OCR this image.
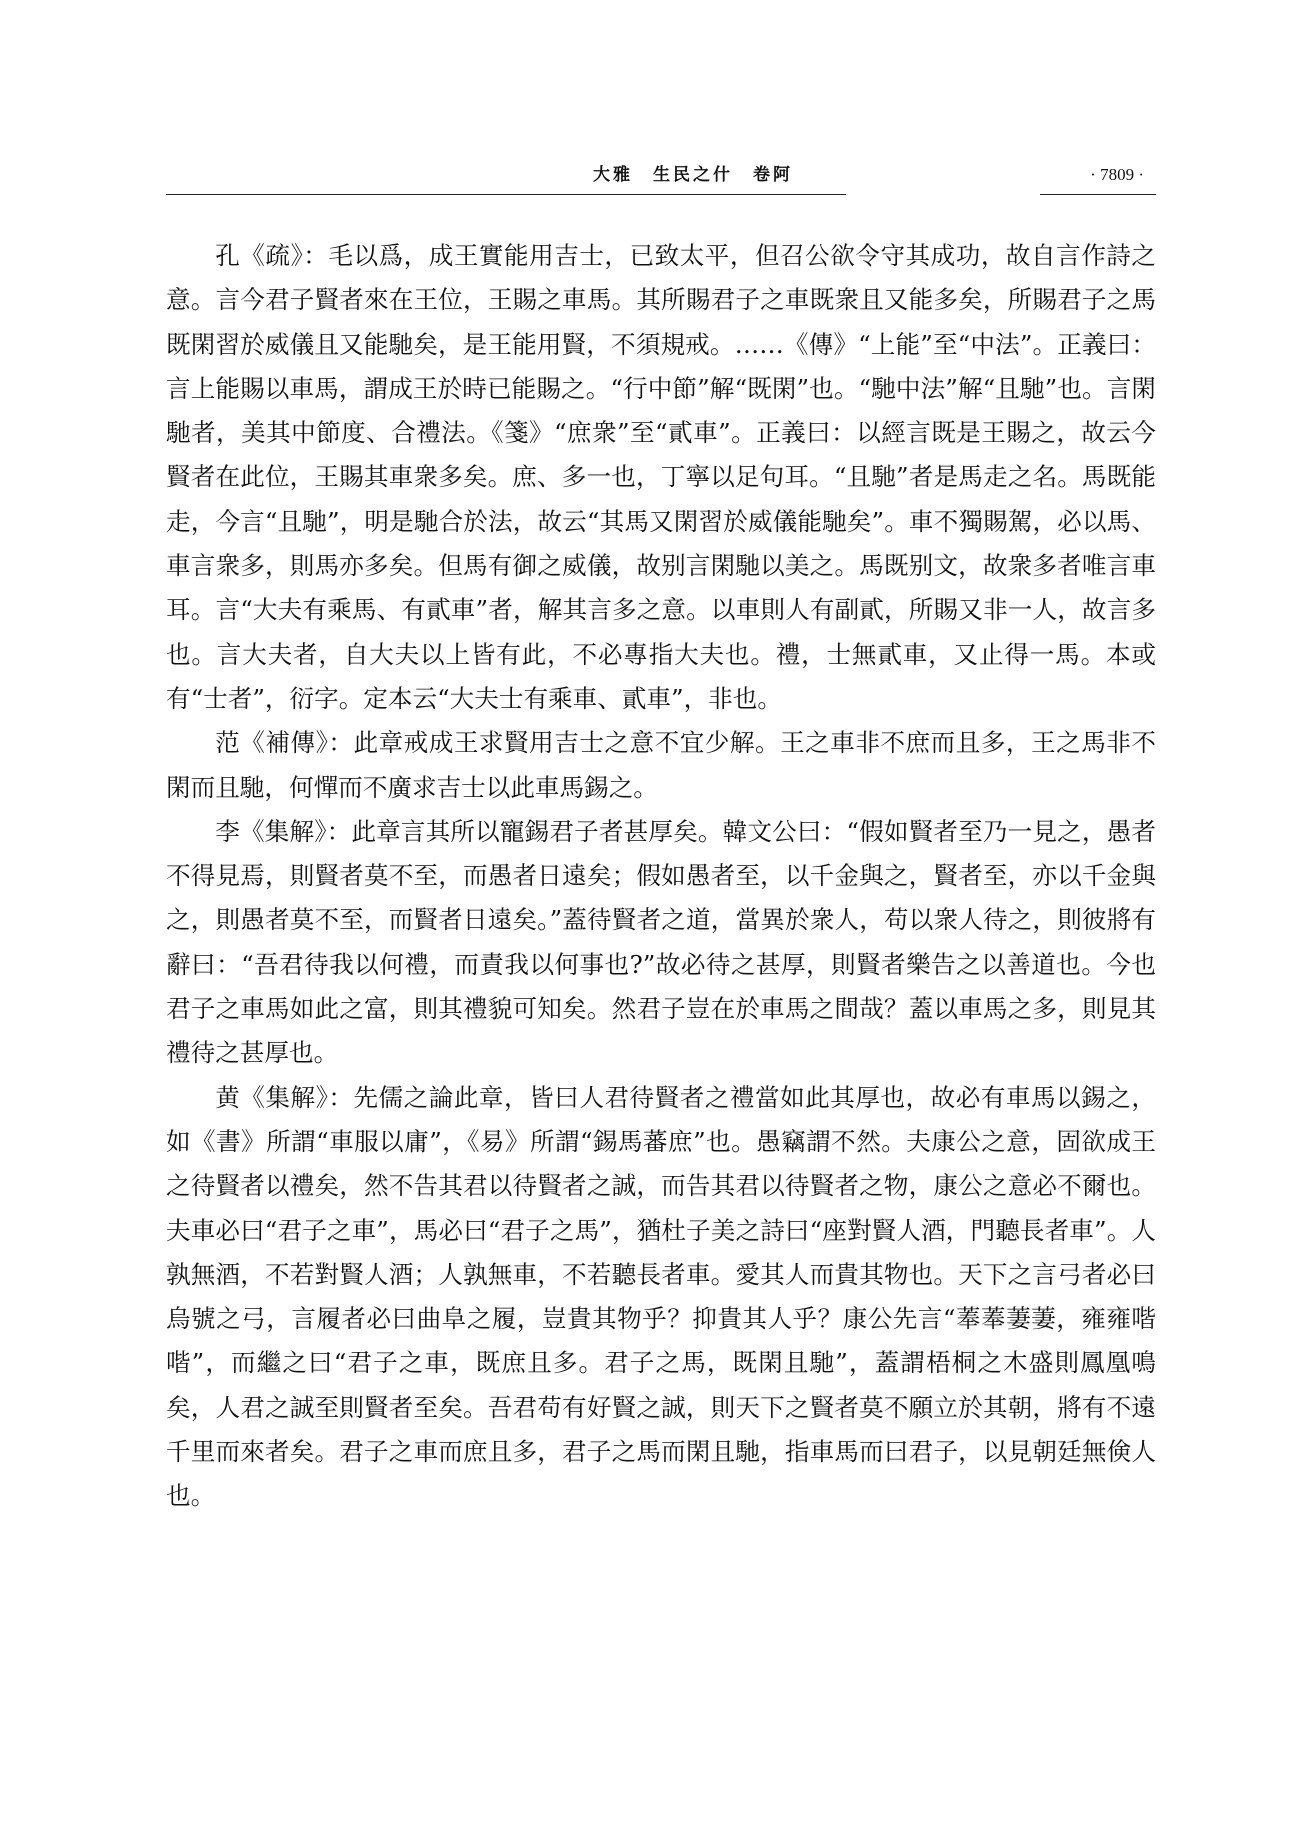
大雅　生民之什　卷阿	· 7809 ·

孔《疏》：毛以爲，成王實能用吉士，已致太平，但召公欲令守其成功，故自言作詩之意。言今君子賢者來在王位，王賜之車馬。其所賜君子之車既衆且又能多矣，所賜君子之馬既閑習於威儀且又能馳矣，是王能用賢，不須規戒。……《傳》“上能”至“中法”。正義曰：言上能賜以車馬，謂成王於時已能賜之。“行中節”解“既閑”也。“馳中法”解“且馳”也。言閑馳者，美其中節度、合禮法。《箋》“庶衆”至“貳車”。正義曰：以經言既是王賜之，故云今賢者在此位，王賜其車衆多矣。庶、多一也，丁寧以足句耳。“且馳”者是馬走之名。馬既能走，今言“且馳”，明是馳合於法，故云“其馬又閑習於威儀能馳矣”。車不獨賜駕，必以馬、車言衆多，則馬亦多矣。但馬有御之威儀，故别言閑馳以美之。馬既别文，故衆多者唯言車耳。言“大夫有乘馬、有貳車”者，解其言多之意。以車則人有副貳，所賜又非一人，故言多也。言大夫者，自大夫以上皆有此，不必專指大夫也。禮，士無貳車，又止得一馬。本或有“士者”，衍字。定本云“大夫士有乘車、貳車”，非也。

范《補傳》：此章戒成王求賢用吉士之意不宜少解。王之車非不庶而且多，王之馬非不閑而且馳，何憚而不廣求吉士以此車馬錫之。

李《集解》：此章言其所以寵錫君子者甚厚矣。韓文公曰：“假如賢者至乃一見之，愚者不得見焉，則賢者莫不至，而愚者日遠矣；假如愚者至，以千金與之，賢者至，亦以千金與之，則愚者莫不至，而賢者日遠矣。”蓋待賢者之道，當異於衆人，苟以衆人待之，則彼將有辭曰：“吾君待我以何禮，而責我以何事也?”故必待之甚厚，則賢者樂告之以善道也。今也君子之車馬如此之富，則其禮貌可知矣。然君子豈在於車馬之間哉？蓋以車馬之多，則見其禮待之甚厚也。

黄《集解》：先儒之論此章，皆曰人君待賢者之禮當如此其厚也，故必有車馬以錫之，如《書》所謂“車服以庸”，《易》所謂“錫馬蕃庶”也。愚竊謂不然。夫康公之意，固欲成王之待賢者以禮矣，然不告其君以待賢者之誠，而告其君以待賢者之物，康公之意必不爾也。夫車必曰“君子之車”，馬必曰“君子之馬”，猶杜子美之詩曰“座對賢人酒，門聽長者車”。人孰無酒，不若對賢人酒；人孰無車，不若聽長者車。愛其人而貴其物也。天下之言弓者必曰烏號之弓，言履者必曰曲阜之履，豈貴其物乎？抑貴其人乎？康公先言“菶菶萋萋，雍雍喈喈”，而繼之曰“君子之車，既庶且多。君子之馬，既閑且馳”，蓋謂梧桐之木盛則鳳凰鳴矣，人君之誠至則賢者至矣。吾君苟有好賢之誠，則天下之賢者莫不願立於其朝，將有不遠千里而來者矣。君子之車而庶且多，君子之馬而閑且馳，指車馬而曰君子，以見朝廷無倹人也。
